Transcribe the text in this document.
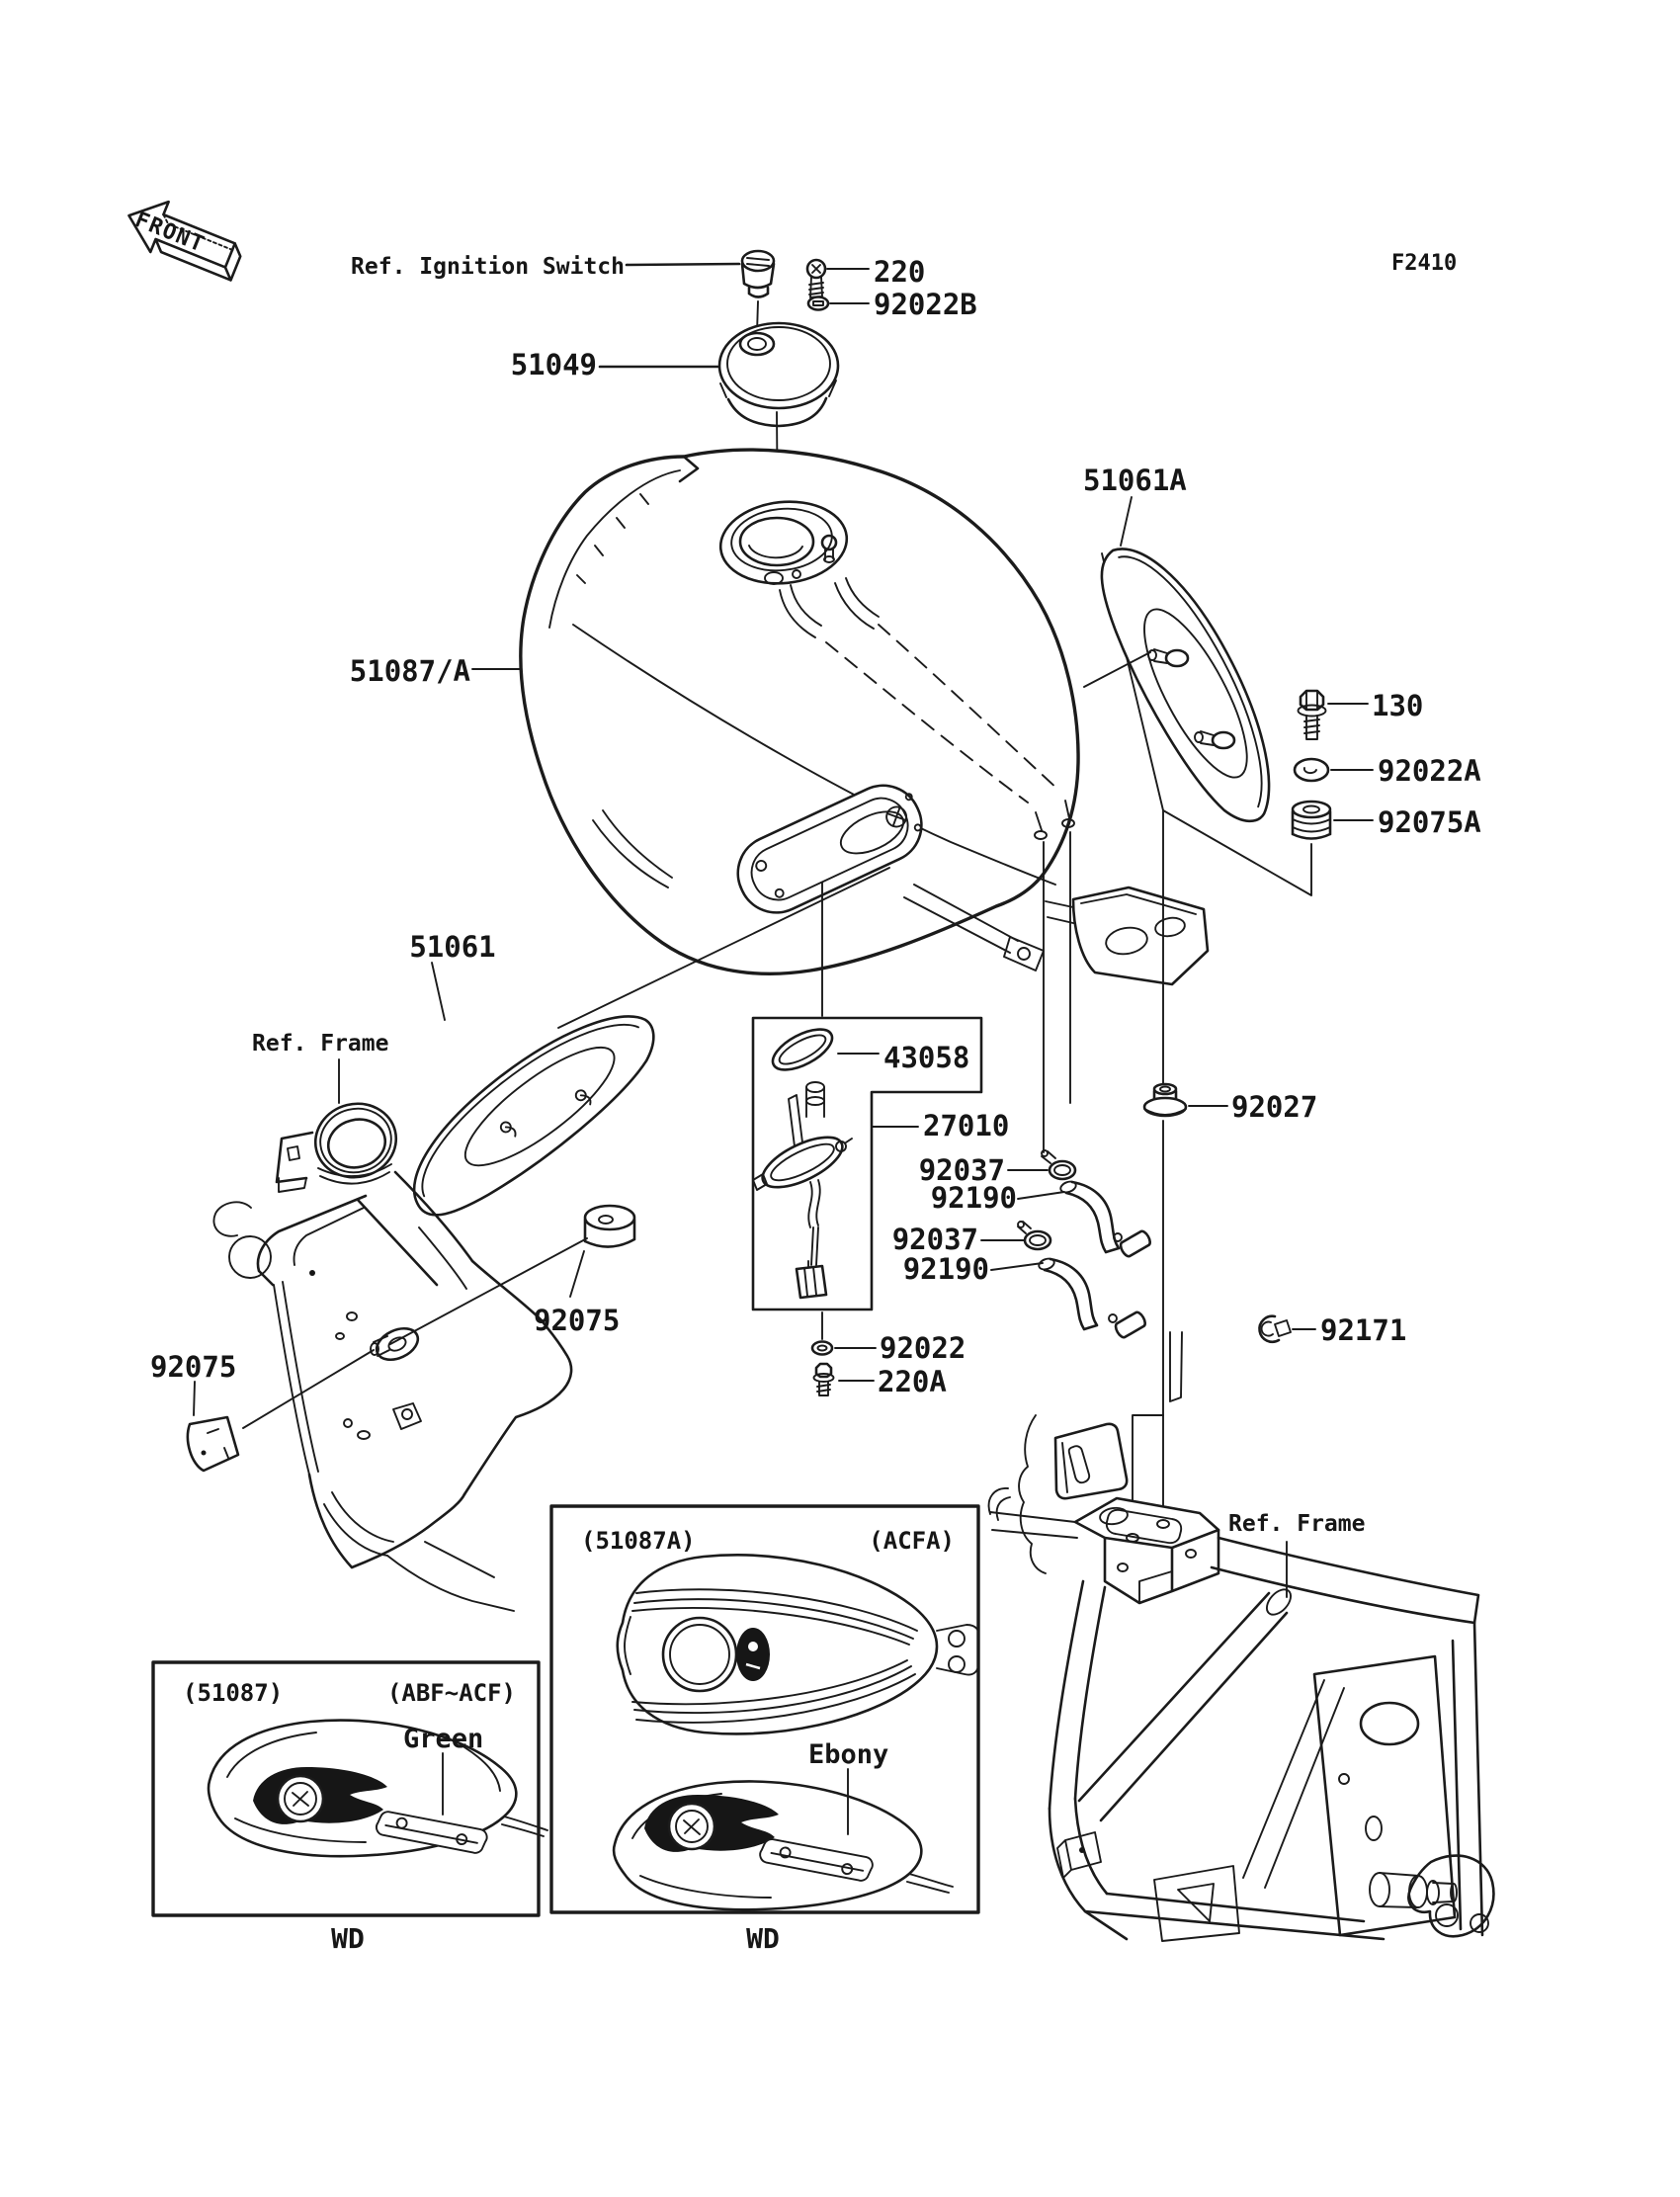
FRONT
F2410
(51087)	(ABF~ACF)
Green
WD
(51087A)	(ACFA)
Ebony
WD
Ref. Ignition Switch	220
92022B
51049
51061A
51087/A
130
92022A
92075A
51061
Ref. Frame	43058
27010
92037
92190
92037
92190
92075
92027
92022
220A
92075
92171
Ref. Frame
